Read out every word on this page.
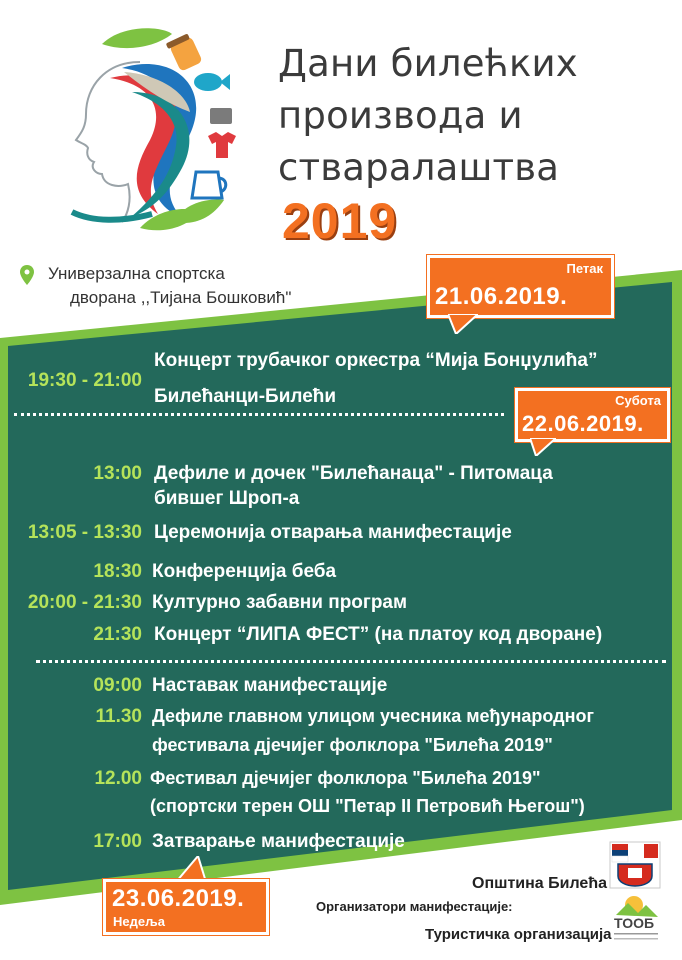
Дани билећких
производа и
стваралаштва
2019
Универзална спортска
дворана ,,Тијана Бошковић"
Петак
21.06.2019.
19:30 - 21:00
Концерт трубачког оркестра “Мија Бонџулића”
Билећанци-Билећи	Субота
22.06.2019.
13:00 Дефиле и дочек "Билећанаца" - Питомаца
бившег Шроп-а
13:05 - 13:30 Церемонија отварања манифестације
18:30 Конференција беба
20:00 - 21:30 Културно забавни програм
21:30 Концерт “ЛИПА ФЕСТ” (на платоу код дворане)
09:00 Наставак манифестације
11.30 Дефиле главном улицом учесника међународног
фестивала дјечијег фолклора "Билећа 2019"
12.00 Фестивал дјечијег фолклора "Билећа 2019"
(спортски терен ОШ "Петар II Петровић Његош")
17:00 Затварање манифестације
23.06.2019.
Недеља
Општина Билећа
Организатори манифестације:
Туристичка организација
ТООБ
